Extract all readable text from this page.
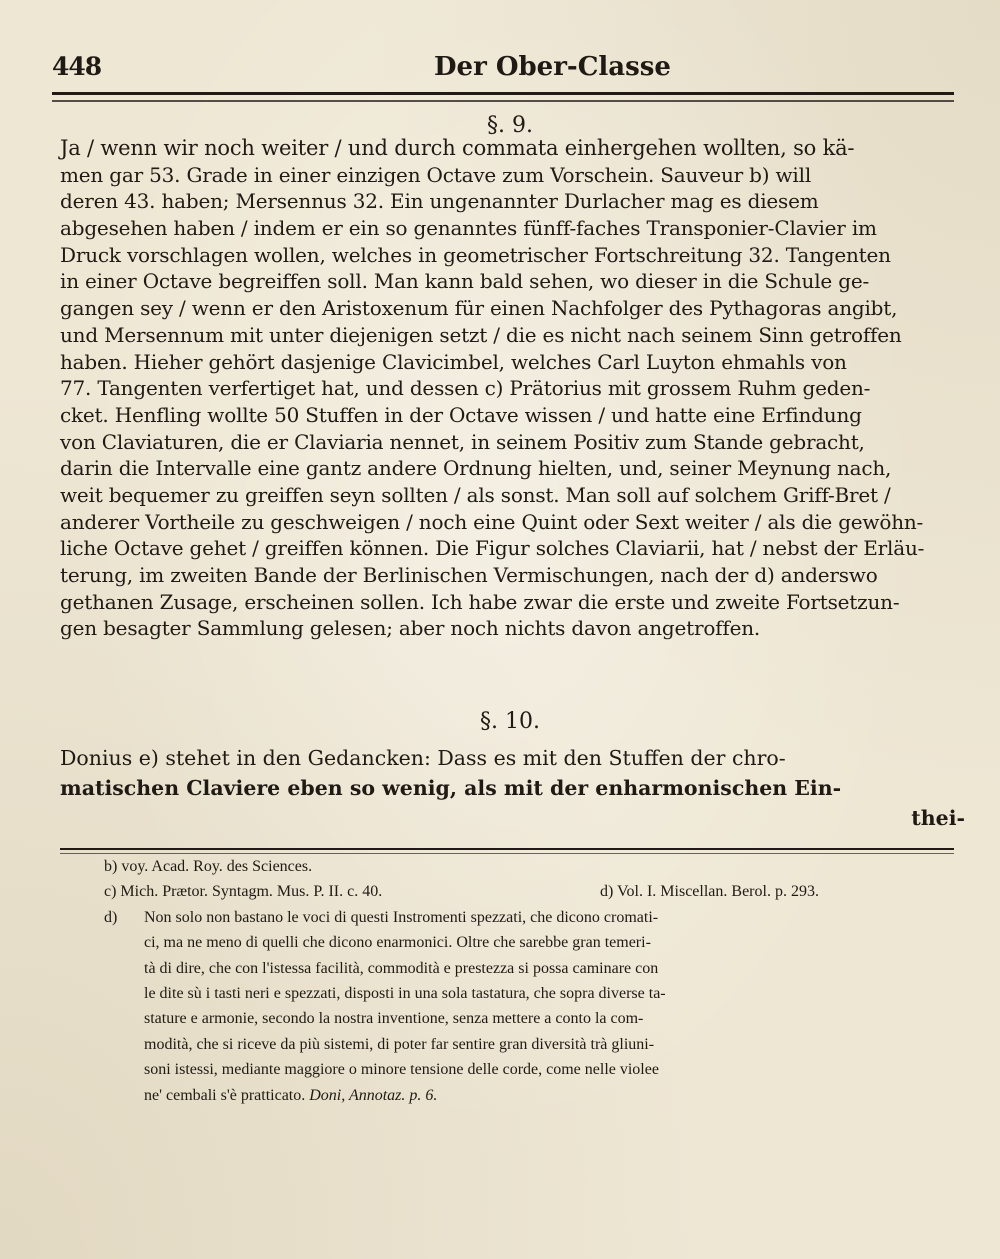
448	Der Ober-Classe
§. 9.
Ja / wenn wir noch weiter / und durch commata einhergehen wollten, so kä-
men gar 53. Grade in einer einzigen Octave zum Vorschein. Sauveur b) will
deren 43. haben; Mersennus 32. Ein ungenannter Durlacher mag es diesem
abgesehen haben / indem er ein so genanntes fünff-faches Transponier-Clavier im
Druck vorschlagen wollen, welches in geometrischer Fortschreitung 32. Tangenten
in einer Octave begreiffen soll. Man kann bald sehen, wo dieser in die Schule ge-
gangen sey / wenn er den Aristoxenum für einen Nachfolger des Pythagoras angibt,
und Mersennum mit unter diejenigen setzt / die es nicht nach seinem Sinn getroffen
haben. Hieher gehört dasjenige Clavicimbel, welches Carl Luyton ehmahls von
77. Tangenten verfertiget hat, und dessen c) Prätorius mit grossem Ruhm geden-
cket. Henfling wollte 50 Stuffen in der Octave wissen / und hatte eine Erfindung
von Claviaturen, die er Claviaria nennet, in seinem Positiv zum Stande gebracht,
darin die Intervalle eine gantz andere Ordnung hielten, und, seiner Meynung nach,
weit bequemer zu greiffen seyn sollten / als sonst. Man soll auf solchem Griff-Bret /
anderer Vortheile zu geschweigen / noch eine Quint oder Sext weiter / als die gewöhn-
liche Octave gehet / greiffen können. Die Figur solches Claviarii, hat / nebst der Erläu-
terung, im zweiten Bande der Berlinischen Vermischungen, nach der d) anderswo
gethanen Zusage, erscheinen sollen. Ich habe zwar die erste und zweite Fortsetzun-
gen besagter Sammlung gelesen; aber noch nichts davon angetroffen.
§. 10.
Donius e) stehet in den Gedancken: Dass es mit den Stuffen der chro-
matischen Claviere eben so wenig, als mit der enharmonischen Ein-
thei-
b) voy. Acad. Roy. des Sciences.
c) Mich. Prætor. Syntagm. Mus. P. II. c. 40.	d) Vol. I. Miscellan. Berol. p. 293.
d) Non solo non bastano le voci di questi Instromenti spezzati, che dicono cromati-
ci, ma ne meno di quelli che dicono enarmonici. Oltre che sarebbe gran temeri-
tà di dire, che con l'istessa facilità, commodità e prestezza si possa caminare con
le dite sù i tasti neri e spezzati, disposti in una sola tastatura, che sopra diverse ta-
stature e armonie, secondo la nostra inventione, senza mettere a conto la com-
modità, che si riceve da più sistemi, di poter far sentire gran diversità trà gliuni-
soni istessi, mediante maggiore o minore tensione delle corde, come nelle violee
ne' cembali s'è pratticato. Doni, Annotaz. p. 6.
